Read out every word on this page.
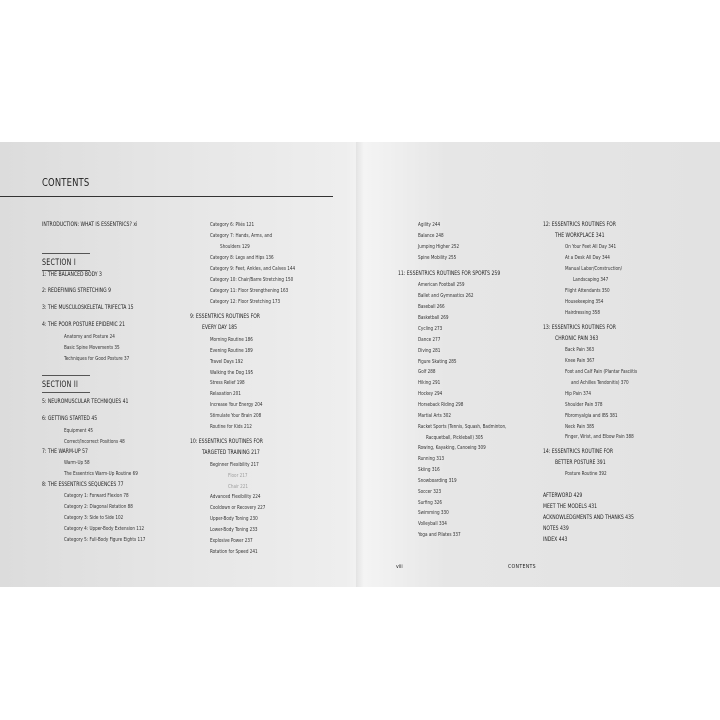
CONTENTS
INTRODUCTION: WHAT IS ESSENTRICS? xi
SECTION I
1: THE BALANCED BODY 3
2: REDEFINING STRETCHING 9
3: THE MUSCULOSKELETAL TRIFECTA 15
4: THE POOR POSTURE EPIDEMIC 21
Anatomy and Posture 24
Basic Spine Movements 35
Techniques for Good Posture 37
SECTION II
5: NEUROMUSCULAR TECHNIQUES 41
6: GETTING STARTED 45
Equipment 45
Correct/Incorrect Positions 48
7: THE WARM-UP 57
Warm-Up 58
The Essentrics Warm-Up Routine 69
8: THE ESSENTRICS SEQUENCES 77
Category 1: Forward Flexion 78
Category 2: Diagonal Rotation 88
Category 3: Side to Side 102
Category 4: Upper-Body Extension 112
Category 5: Full-Body Figure Eights 117
Category 6: Pliés 121
Category 7: Hands, Arms, and
Shoulders 129
Category 8: Legs and Hips 136
Category 9: Feet, Ankles, and Calves 144
Category 10: Chair/Barre Stretching 150
Category 11: Floor Strengthening 163
Category 12: Floor Stretching 173
9: ESSENTRICS ROUTINES FOR
EVERY DAY 185
Morning Routine 186
Evening Routine 189
Travel Days 192
Walking the Dog 195
Stress Relief 198
Relaxation 201
Increase Your Energy 204
Stimulate Your Brain 208
Routine for Kids 212
10: ESSENTRICS ROUTINES FOR
TARGETED TRAINING 217
Beginner Flexibility 217
Floor 217
Chair 221
Advanced Flexibility 224
Cooldown or Recovery 227
Upper-Body Toning 230
Lower-Body Toning 233
Explosive Power 237
Rotation for Speed 241
Agility 244
Balance 248
Jumping Higher 252
Spine Mobility 255
11: ESSENTRICS ROUTINES FOR SPORTS 259
American Football 259
Ballet and Gymnastics 262
Baseball 266
Basketball 269
Cycling 273
Dance 277
Diving 281
Figure Skating 285
Golf 288
Hiking 291
Hockey 294
Horseback Riding 298
Martial Arts 302
Racket Sports (Tennis, Squash, Badminton,
Racquetball, Pickleball) 305
Rowing, Kayaking, Canoeing 309
Running 313
Skiing 316
Snowboarding 319
Soccer 323
Surfing 326
Swimming 330
Volleyball 334
Yoga and Pilates 337
12: ESSENTRICS ROUTINES FOR
THE WORKPLACE 341
On Your Feet All Day 341
At a Desk All Day 344
Manual Labor/Construction/
Landscaping 347
Flight Attendants 350
Housekeeping 354
Hairdressing 358
13: ESSENTRICS ROUTINES FOR
CHRONIC PAIN 363
Back Pain 363
Knee Pain 367
Foot and Calf Pain (Plantar Fasciitis
and Achilles Tendonitis) 370
Hip Pain 374
Shoulder Pain 378
Fibromyalgia and IBS 381
Neck Pain 385
Finger, Wrist, and Elbow Pain 388
14: ESSENTRICS ROUTINE FOR
BETTER POSTURE 391
Posture Routine 392
AFTERWORD 429
MEET THE MODELS 431
ACKNOWLEDGMENTS AND THANKS 435
NOTES 439
INDEX 443
viii	CONTENTS
